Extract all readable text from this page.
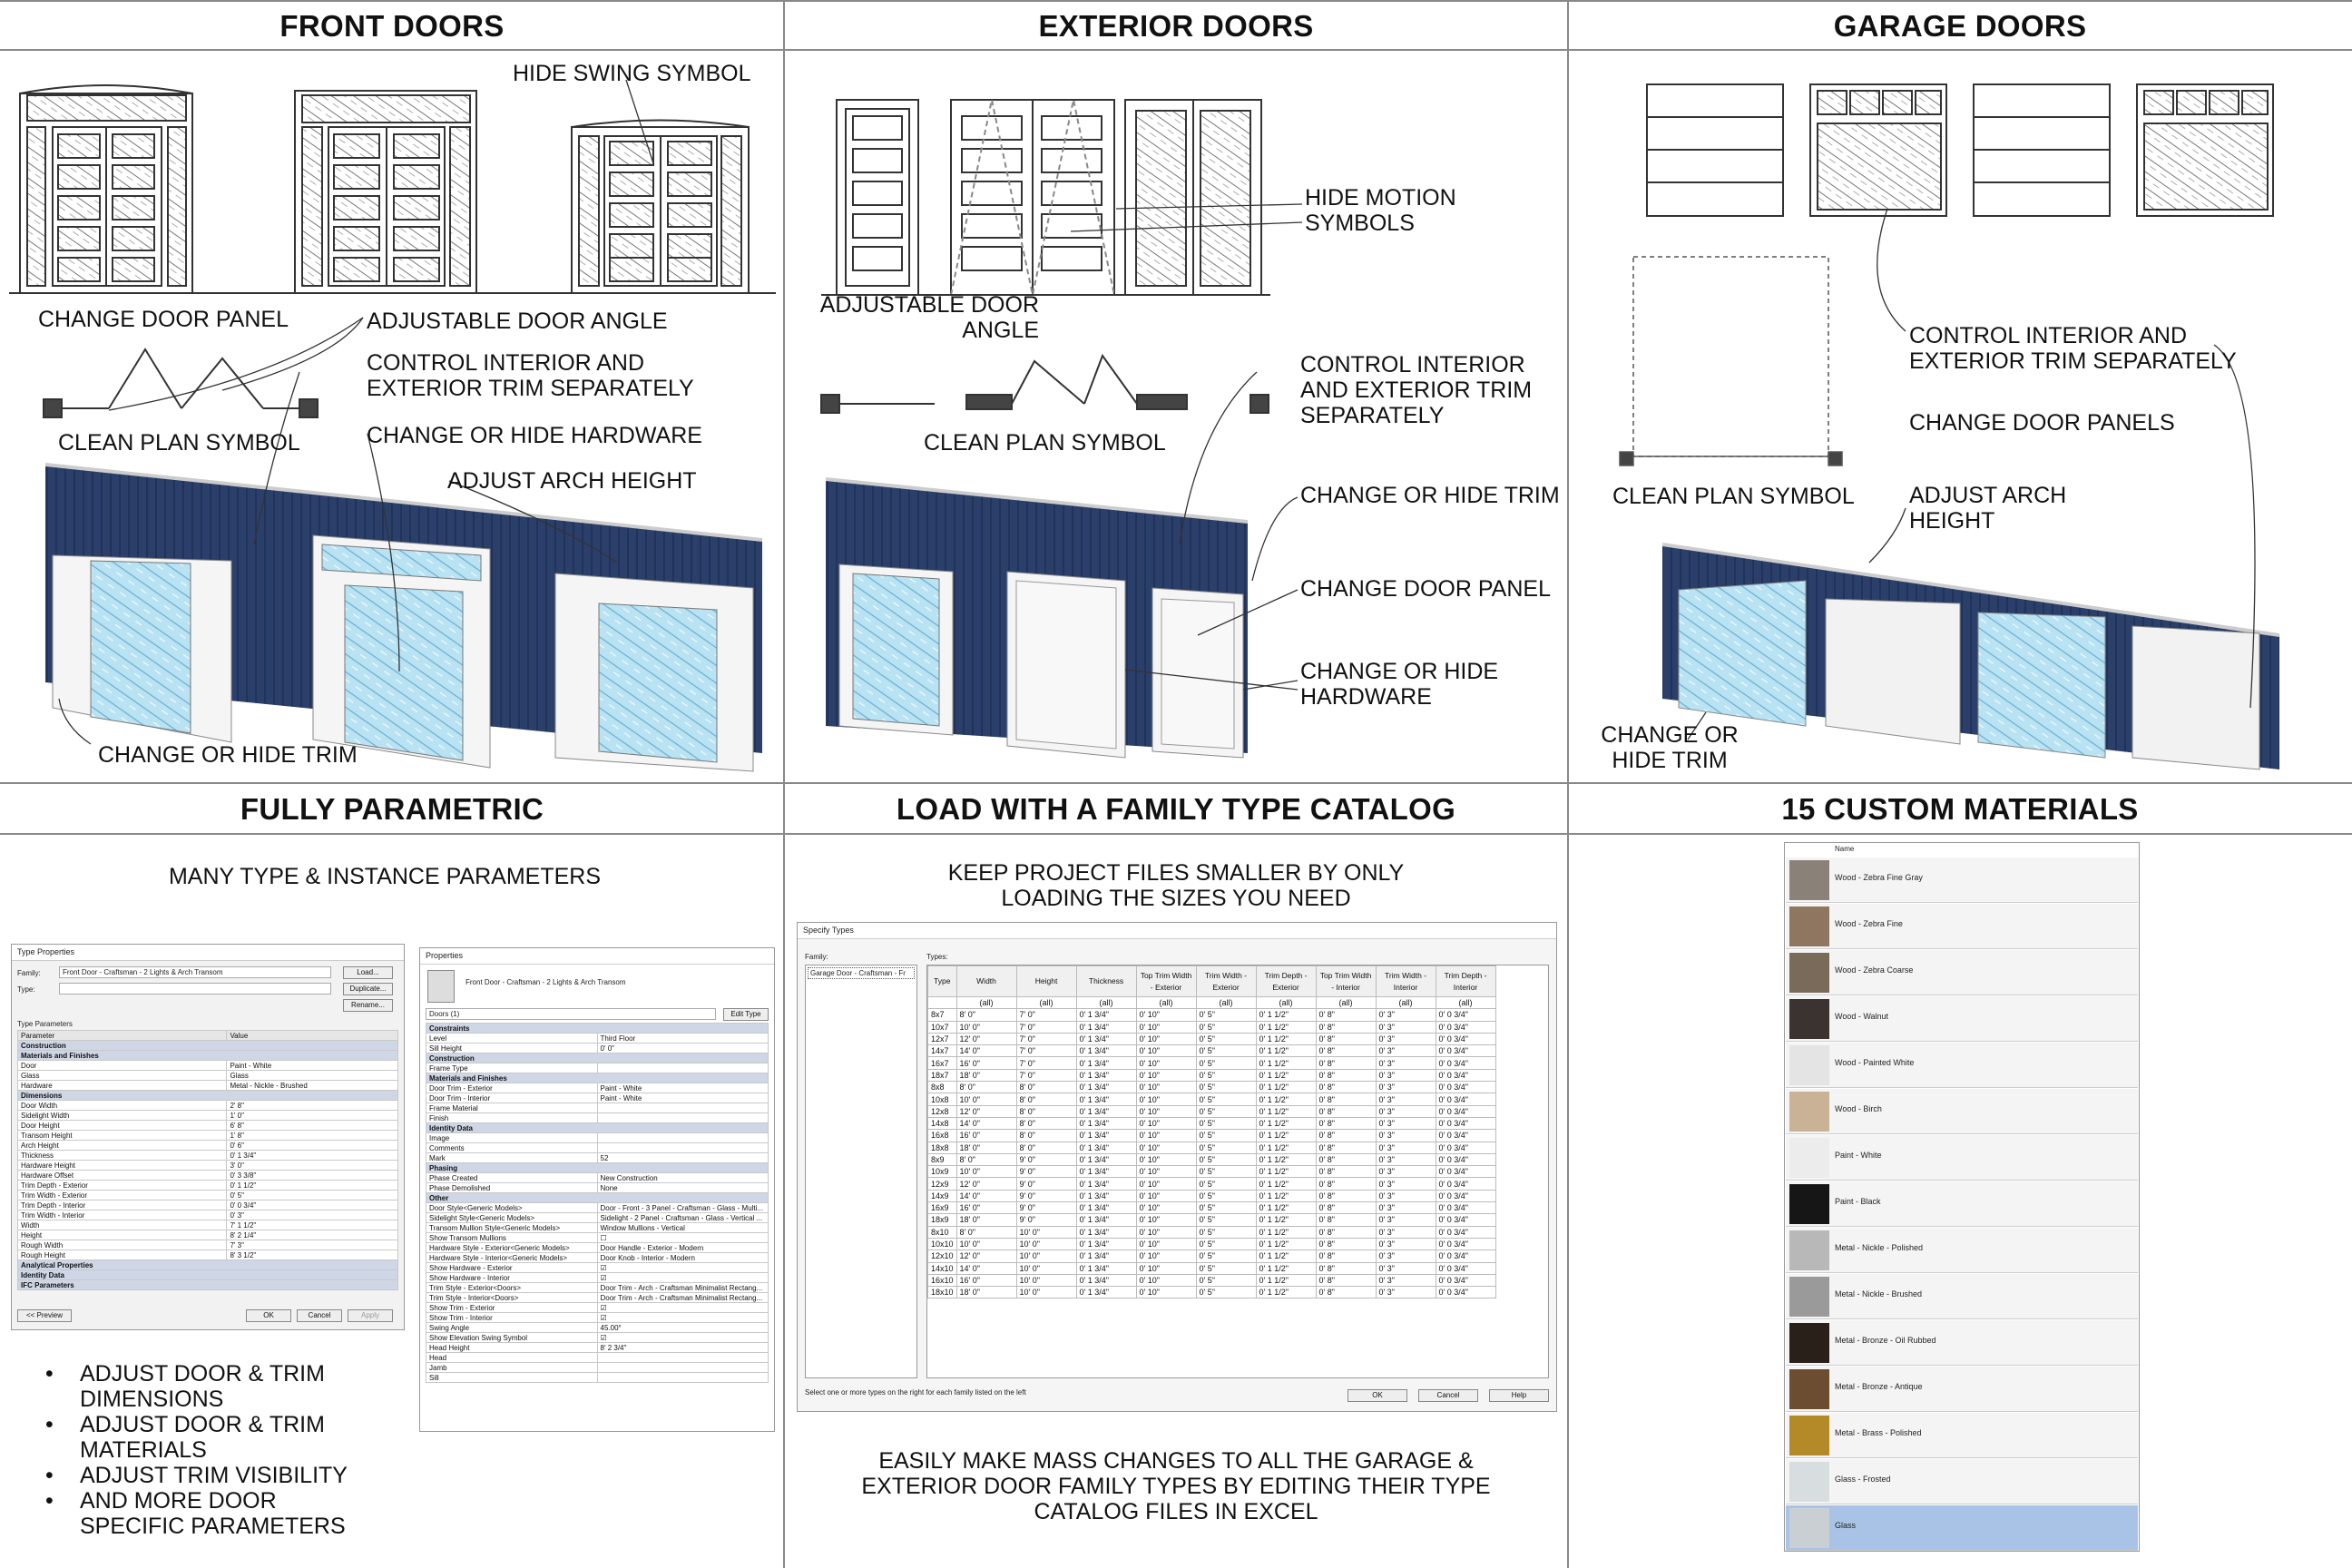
FRONT DOORS	EXTERIOR DOORS	GARAGE DOORS
FULLY PARAMETRIC	LOAD WITH A FAMILY TYPE CATALOG	15 CUSTOM MATERIALS
HIDE SWING SYMBOL
CHANGE DOOR PANEL	ADJUSTABLE DOOR ANGLE
CONTROL INTERIOR AND
EXTERIOR TRIM SEPARATELY
CLEAN PLAN SYMBOL	CHANGE OR HIDE HARDWARE
ADJUST ARCH HEIGHT
CHANGE OR HIDE TRIM
HIDE MOTION
SYMBOLS
ADJUSTABLE DOOR
ANGLE
CONTROL INTERIOR
AND EXTERIOR TRIM
SEPARATELY
CLEAN PLAN SYMBOL
CHANGE OR HIDE TRIM
CHANGE DOOR PANEL
CHANGE OR HIDE
HARDWARE
CONTROL INTERIOR AND
EXTERIOR TRIM SEPARATELY
CHANGE DOOR PANELS
CLEAN PLAN SYMBOL ADJUST ARCH
HEIGHT
CHANGE OR
HIDE TRIM
MANY TYPE & INSTANCE PARAMETERS
Type Properties
Family:	Front Door - Craftsman - 2 Lights & Arch Transom
Type:
Load...
Duplicate...
Rename...
Type Parameters
Parameter	Value
Construction	
Materials and Finishes	
Door	Paint - White
Glass	Glass
Hardware	Metal - Nickle - Brushed
Dimensions	
Door Width	2' 8"
Sidelight Width	1' 0"
Door Height	6' 8"
Transom Height	1' 8"
Arch Height	0' 6"
Thickness	0' 1 3/4"
Hardware Height	3' 0"
Hardware Offset	0' 3 3/8"
Trim Depth - Exterior	0' 1 1/2"
Trim Width - Exterior	0' 5"
Trim Depth - Interior	0' 0 3/4"
Trim Width - Interior	0' 3"
Width	7' 1 1/2"
Height	8' 2 1/4"
Rough Width	7' 3"
Rough Height	8' 3 1/2"
Analytical Properties	
Identity Data	
IFC Parameters	
<< Preview	OK	Cancel	Apply
Properties
Front Door - Craftsman - 2 Lights & Arch Transom
Doors (1)	Edit Type
Constraints	
Level	Third Floor
Sill Height	0' 0"
Construction	
Frame Type	
Materials and Finishes	
Door Trim - Exterior	Paint - White
Door Trim - Interior	Paint - White
Frame Material	
Finish	
Identity Data	
Image	
Comments	
Mark	52
Phasing	
Phase Created	New Construction
Phase Demolished	None
Other	
Door Style<Generic Models>	Door - Front - 3 Panel - Craftsman - Glass - Multi...
Sidelight Style<Generic Models>	Sidelight - 2 Panel - Craftsman - Glass - Vertical ...
Transom Mullion Style<Generic Models>	Window Mullions - Vertical
Show Transom Mullions	☐
Hardware Style - Exterior<Generic Models>	Door Handle - Exterior - Modern
Hardware Style - Interior<Generic Models>	Door Knob - Interior - Modern
Show Hardware - Exterior	☑
Show Hardware - Interior	☑
Trim Style - Exterior<Doors>	Door Trim - Arch - Craftsman Minimalist Rectang...
Trim Style - Interior<Doors>	Door Trim - Arch - Craftsman Minimalist Rectang...
Show Trim - Exterior	☑
Show Trim - Interior	☑
Swing Angle	45.00°
Show Elevation Swing Symbol	☑
Head Height	8' 2 3/4"
Head	
Jamb	
Sill	
• ADJUST DOOR & TRIM
DIMENSIONS
• ADJUST DOOR & TRIM
MATERIALS
• ADJUST TRIM VISIBILITY
• AND MORE DOOR
SPECIFIC PARAMETERS
KEEP PROJECT FILES SMALLER BY ONLY
LOADING THE SIZES YOU NEED
Specify Types
Family:	Types:
Garage Door - Craftsman - Fr
Type	Width	Height	Thickness	Top Trim Width - Exterior	Trim Width - Exterior	Trim Depth - Exterior	Top Trim Width - Interior	Trim Width - Interior	Trim Depth - Interior
	(all)	(all)	(all)	(all)	(all)	(all)	(all)	(all)	(all)
8x7	8' 0"	7' 0"	0' 1 3/4"	0' 10"	0' 5"	0' 1 1/2"	0' 8"	0' 3"	0' 0 3/4"
10x7	10' 0"	7' 0"	0' 1 3/4"	0' 10"	0' 5"	0' 1 1/2"	0' 8"	0' 3"	0' 0 3/4"
12x7	12' 0"	7' 0"	0' 1 3/4"	0' 10"	0' 5"	0' 1 1/2"	0' 8"	0' 3"	0' 0 3/4"
14x7	14' 0"	7' 0"	0' 1 3/4"	0' 10"	0' 5"	0' 1 1/2"	0' 8"	0' 3"	0' 0 3/4"
16x7	16' 0"	7' 0"	0' 1 3/4"	0' 10"	0' 5"	0' 1 1/2"	0' 8"	0' 3"	0' 0 3/4"
18x7	18' 0"	7' 0"	0' 1 3/4"	0' 10"	0' 5"	0' 1 1/2"	0' 8"	0' 3"	0' 0 3/4"
8x8	8' 0"	8' 0"	0' 1 3/4"	0' 10"	0' 5"	0' 1 1/2"	0' 8"	0' 3"	0' 0 3/4"
10x8	10' 0"	8' 0"	0' 1 3/4"	0' 10"	0' 5"	0' 1 1/2"	0' 8"	0' 3"	0' 0 3/4"
12x8	12' 0"	8' 0"	0' 1 3/4"	0' 10"	0' 5"	0' 1 1/2"	0' 8"	0' 3"	0' 0 3/4"
14x8	14' 0"	8' 0"	0' 1 3/4"	0' 10"	0' 5"	0' 1 1/2"	0' 8"	0' 3"	0' 0 3/4"
16x8	16' 0"	8' 0"	0' 1 3/4"	0' 10"	0' 5"	0' 1 1/2"	0' 8"	0' 3"	0' 0 3/4"
18x8	18' 0"	8' 0"	0' 1 3/4"	0' 10"	0' 5"	0' 1 1/2"	0' 8"	0' 3"	0' 0 3/4"
8x9	8' 0"	9' 0"	0' 1 3/4"	0' 10"	0' 5"	0' 1 1/2"	0' 8"	0' 3"	0' 0 3/4"
10x9	10' 0"	9' 0"	0' 1 3/4"	0' 10"	0' 5"	0' 1 1/2"	0' 8"	0' 3"	0' 0 3/4"
12x9	12' 0"	9' 0"	0' 1 3/4"	0' 10"	0' 5"	0' 1 1/2"	0' 8"	0' 3"	0' 0 3/4"
14x9	14' 0"	9' 0"	0' 1 3/4"	0' 10"	0' 5"	0' 1 1/2"	0' 8"	0' 3"	0' 0 3/4"
16x9	16' 0"	9' 0"	0' 1 3/4"	0' 10"	0' 5"	0' 1 1/2"	0' 8"	0' 3"	0' 0 3/4"
18x9	18' 0"	9' 0"	0' 1 3/4"	0' 10"	0' 5"	0' 1 1/2"	0' 8"	0' 3"	0' 0 3/4"
8x10	8' 0"	10' 0"	0' 1 3/4"	0' 10"	0' 5"	0' 1 1/2"	0' 8"	0' 3"	0' 0 3/4"
10x10	10' 0"	10' 0"	0' 1 3/4"	0' 10"	0' 5"	0' 1 1/2"	0' 8"	0' 3"	0' 0 3/4"
12x10	12' 0"	10' 0"	0' 1 3/4"	0' 10"	0' 5"	0' 1 1/2"	0' 8"	0' 3"	0' 0 3/4"
14x10	14' 0"	10' 0"	0' 1 3/4"	0' 10"	0' 5"	0' 1 1/2"	0' 8"	0' 3"	0' 0 3/4"
16x10	16' 0"	10' 0"	0' 1 3/4"	0' 10"	0' 5"	0' 1 1/2"	0' 8"	0' 3"	0' 0 3/4"
18x10	18' 0"	10' 0"	0' 1 3/4"	0' 10"	0' 5"	0' 1 1/2"	0' 8"	0' 3"	0' 0 3/4"
Select one or more types on the right for each family listed on the left	OK	Cancel	Help
EASILY MAKE MASS CHANGES TO ALL THE GARAGE &
EXTERIOR DOOR FAMILY TYPES BY EDITING THEIR TYPE
CATALOG FILES IN EXCEL
Name
Wood - Zebra Fine Gray
Wood - Zebra Fine
Wood - Zebra Coarse
Wood - Walnut
Wood - Painted White
Wood - Birch
Paint - White
Paint - Black
Metal - Nickle - Polished
Metal - Nickle - Brushed
Metal - Bronze - Oil Rubbed
Metal - Bronze - Antique
Metal - Brass - Polished
Glass - Frosted
Glass
